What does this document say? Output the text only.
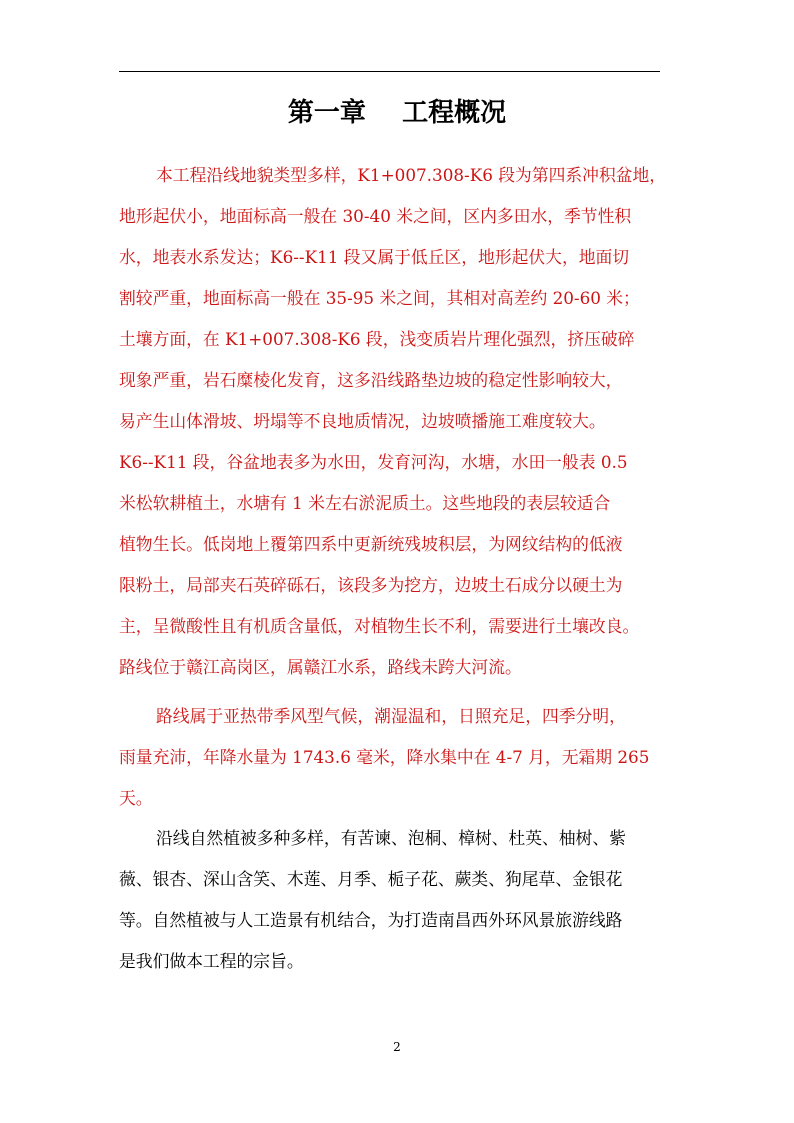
第一章    工程概况
本工程沿线地貌类型多样，K1+007.308-K6 段为第四系冲积盆地，
地形起伏小，地面标高一般在 30-40 米之间，区内多田水，季节性积
水，地表水系发达；K6--K11 段又属于低丘区，地形起伏大，地面切
割较严重，地面标高一般在 35-95 米之间，其相对高差约 20-60 米；
土壤方面，在 K1+007.308-K6 段，浅变质岩片理化强烈，挤压破碎
现象严重，岩石糜棱化发育，这多沿线路垫边坡的稳定性影响较大，
易产生山体滑坡、坍塌等不良地质情况，边坡喷播施工难度较大。
K6--K11 段，谷盆地表多为水田，发育河沟，水塘，水田一般表 0.5
米松软耕植土，水塘有 1 米左右淤泥质土。这些地段的表层较适合
植物生长。低岗地上覆第四系中更新统残坡积层，为网纹结构的低液
限粉土，局部夹石英碎砾石，该段多为挖方，边坡土石成分以硬土为
主，呈微酸性且有机质含量低，对植物生长不利，需要进行土壤改良。
路线位于赣江高岗区，属赣江水系，路线未跨大河流。
路线属于亚热带季风型气候，潮湿温和，日照充足，四季分明，
雨量充沛，年降水量为 1743.6 毫米，降水集中在 4-7 月，无霜期 265
天。
沿线自然植被多种多样，有苦谏、泡桐、樟树、杜英、柚树、紫
薇、银杏、深山含笑、木莲、月季、栀子花、蕨类、狗尾草、金银花
等。自然植被与人工造景有机结合，为打造南昌西外环风景旅游线路
是我们做本工程的宗旨。
2
